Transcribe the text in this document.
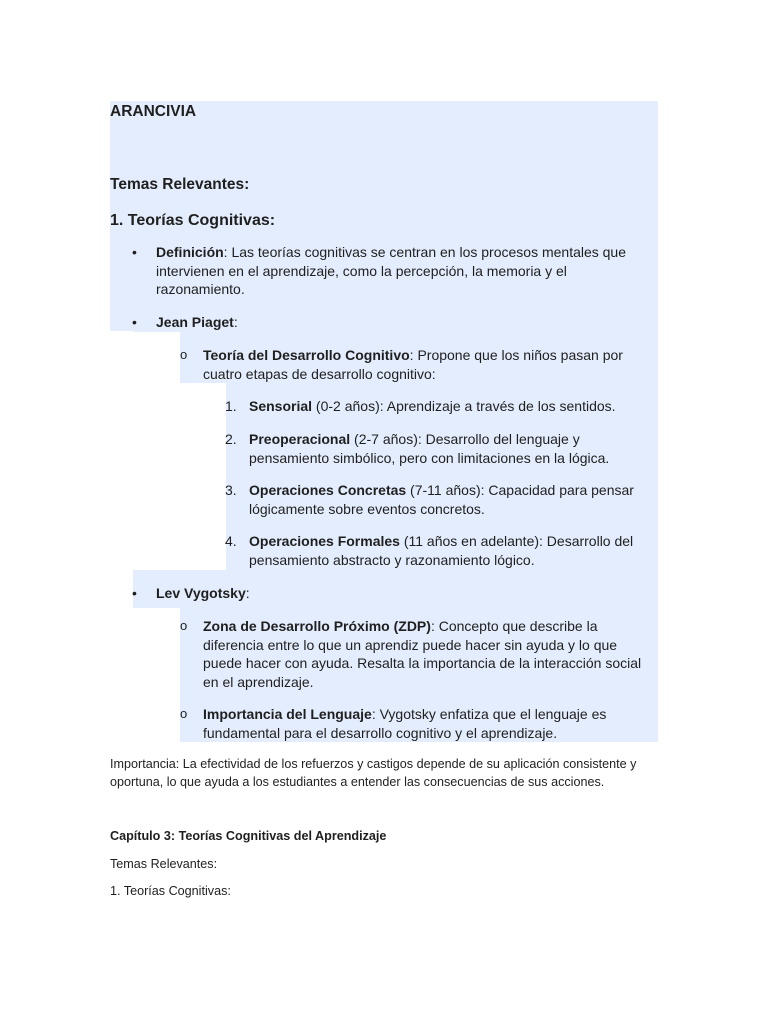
ARANCIVIA
Temas Relevantes:
1. Teorías Cognitivas:
• Definición: Las teorías cognitivas se centran en los procesos mentales que intervienen en el aprendizaje, como la percepción, la memoria y el razonamiento.
• Jean Piaget:
o Teoría del Desarrollo Cognitivo: Propone que los niños pasan por cuatro etapas de desarrollo cognitivo:
1. Sensorial (0-2 años): Aprendizaje a través de los sentidos.
2. Preoperacional (2-7 años): Desarrollo del lenguaje y pensamiento simbólico, pero con limitaciones en la lógica.
3. Operaciones Concretas (7-11 años): Capacidad para pensar lógicamente sobre eventos concretos.
4. Operaciones Formales (11 años en adelante): Desarrollo del pensamiento abstracto y razonamiento lógico.
• Lev Vygotsky:
o Zona de Desarrollo Próximo (ZDP): Concepto que describe la diferencia entre lo que un aprendiz puede hacer sin ayuda y lo que puede hacer con ayuda. Resalta la importancia de la interacción social en el aprendizaje.
o Importancia del Lenguaje: Vygotsky enfatiza que el lenguaje es fundamental para el desarrollo cognitivo y el aprendizaje.
Importancia: La efectividad de los refuerzos y castigos depende de su aplicación consistente y oportuna, lo que ayuda a los estudiantes a entender las consecuencias de sus acciones.
Capítulo 3: Teorías Cognitivas del Aprendizaje
Temas Relevantes:
1. Teorías Cognitivas:
